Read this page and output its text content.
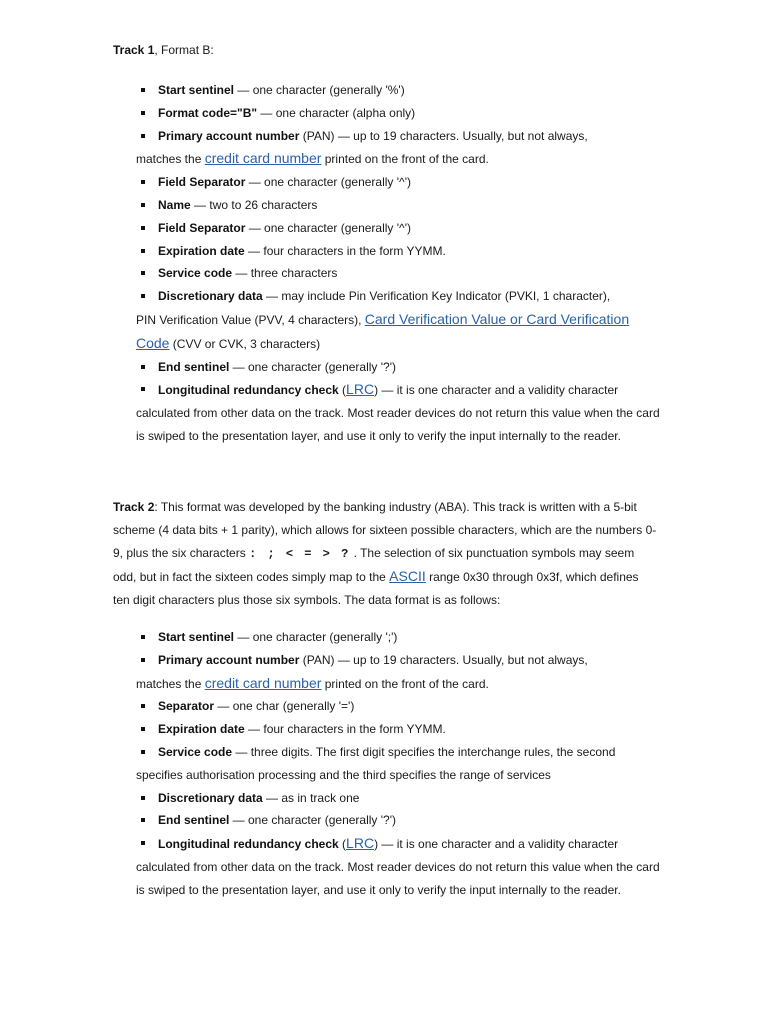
Track 1, Format B:

Start sentinel — one character (generally '%')
Format code="B" — one character (alpha only)
Primary account number (PAN) — up to 19 characters. Usually, but not always,
matches the credit card number printed on the front of the card.
Field Separator — one character (generally '^')
Name — two to 26 characters
Field Separator — one character (generally '^')
Expiration date — four characters in the form YYMM.
Service code — three characters
Discretionary data — may include Pin Verification Key Indicator (PVKI, 1 character),
PIN Verification Value (PVV, 4 characters), Card Verification Value or Card Verification Code (CVV or CVK, 3 characters)
End sentinel — one character (generally '?')
Longitudinal redundancy check (LRC) — it is one character and a validity character
calculated from other data on the track. Most reader devices do not return this value when the card is swiped to the presentation layer, and use it only to verify the input internally to the reader.

Track 2: This format was developed by the banking industry (ABA). This track is written with a 5-bit scheme (4 data bits + 1 parity), which allows for sixteen possible characters, which are the numbers 0-9, plus the six characters : ; < = > ? . The selection of six punctuation symbols may seem odd, but in fact the sixteen codes simply map to the ASCII range 0x30 through 0x3f, which defines ten digit characters plus those six symbols. The data format is as follows:

Start sentinel — one character (generally ';')
Primary account number (PAN) — up to 19 characters. Usually, but not always,
matches the credit card number printed on the front of the card.
Separator — one char (generally '=')
Expiration date — four characters in the form YYMM.
Service code — three digits. The first digit specifies the interchange rules, the second
specifies authorisation processing and the third specifies the range of services
Discretionary data — as in track one
End sentinel — one character (generally '?')
Longitudinal redundancy check (LRC) — it is one character and a validity character
calculated from other data on the track. Most reader devices do not return this value when the card is swiped to the presentation layer, and use it only to verify the input internally to the reader.
